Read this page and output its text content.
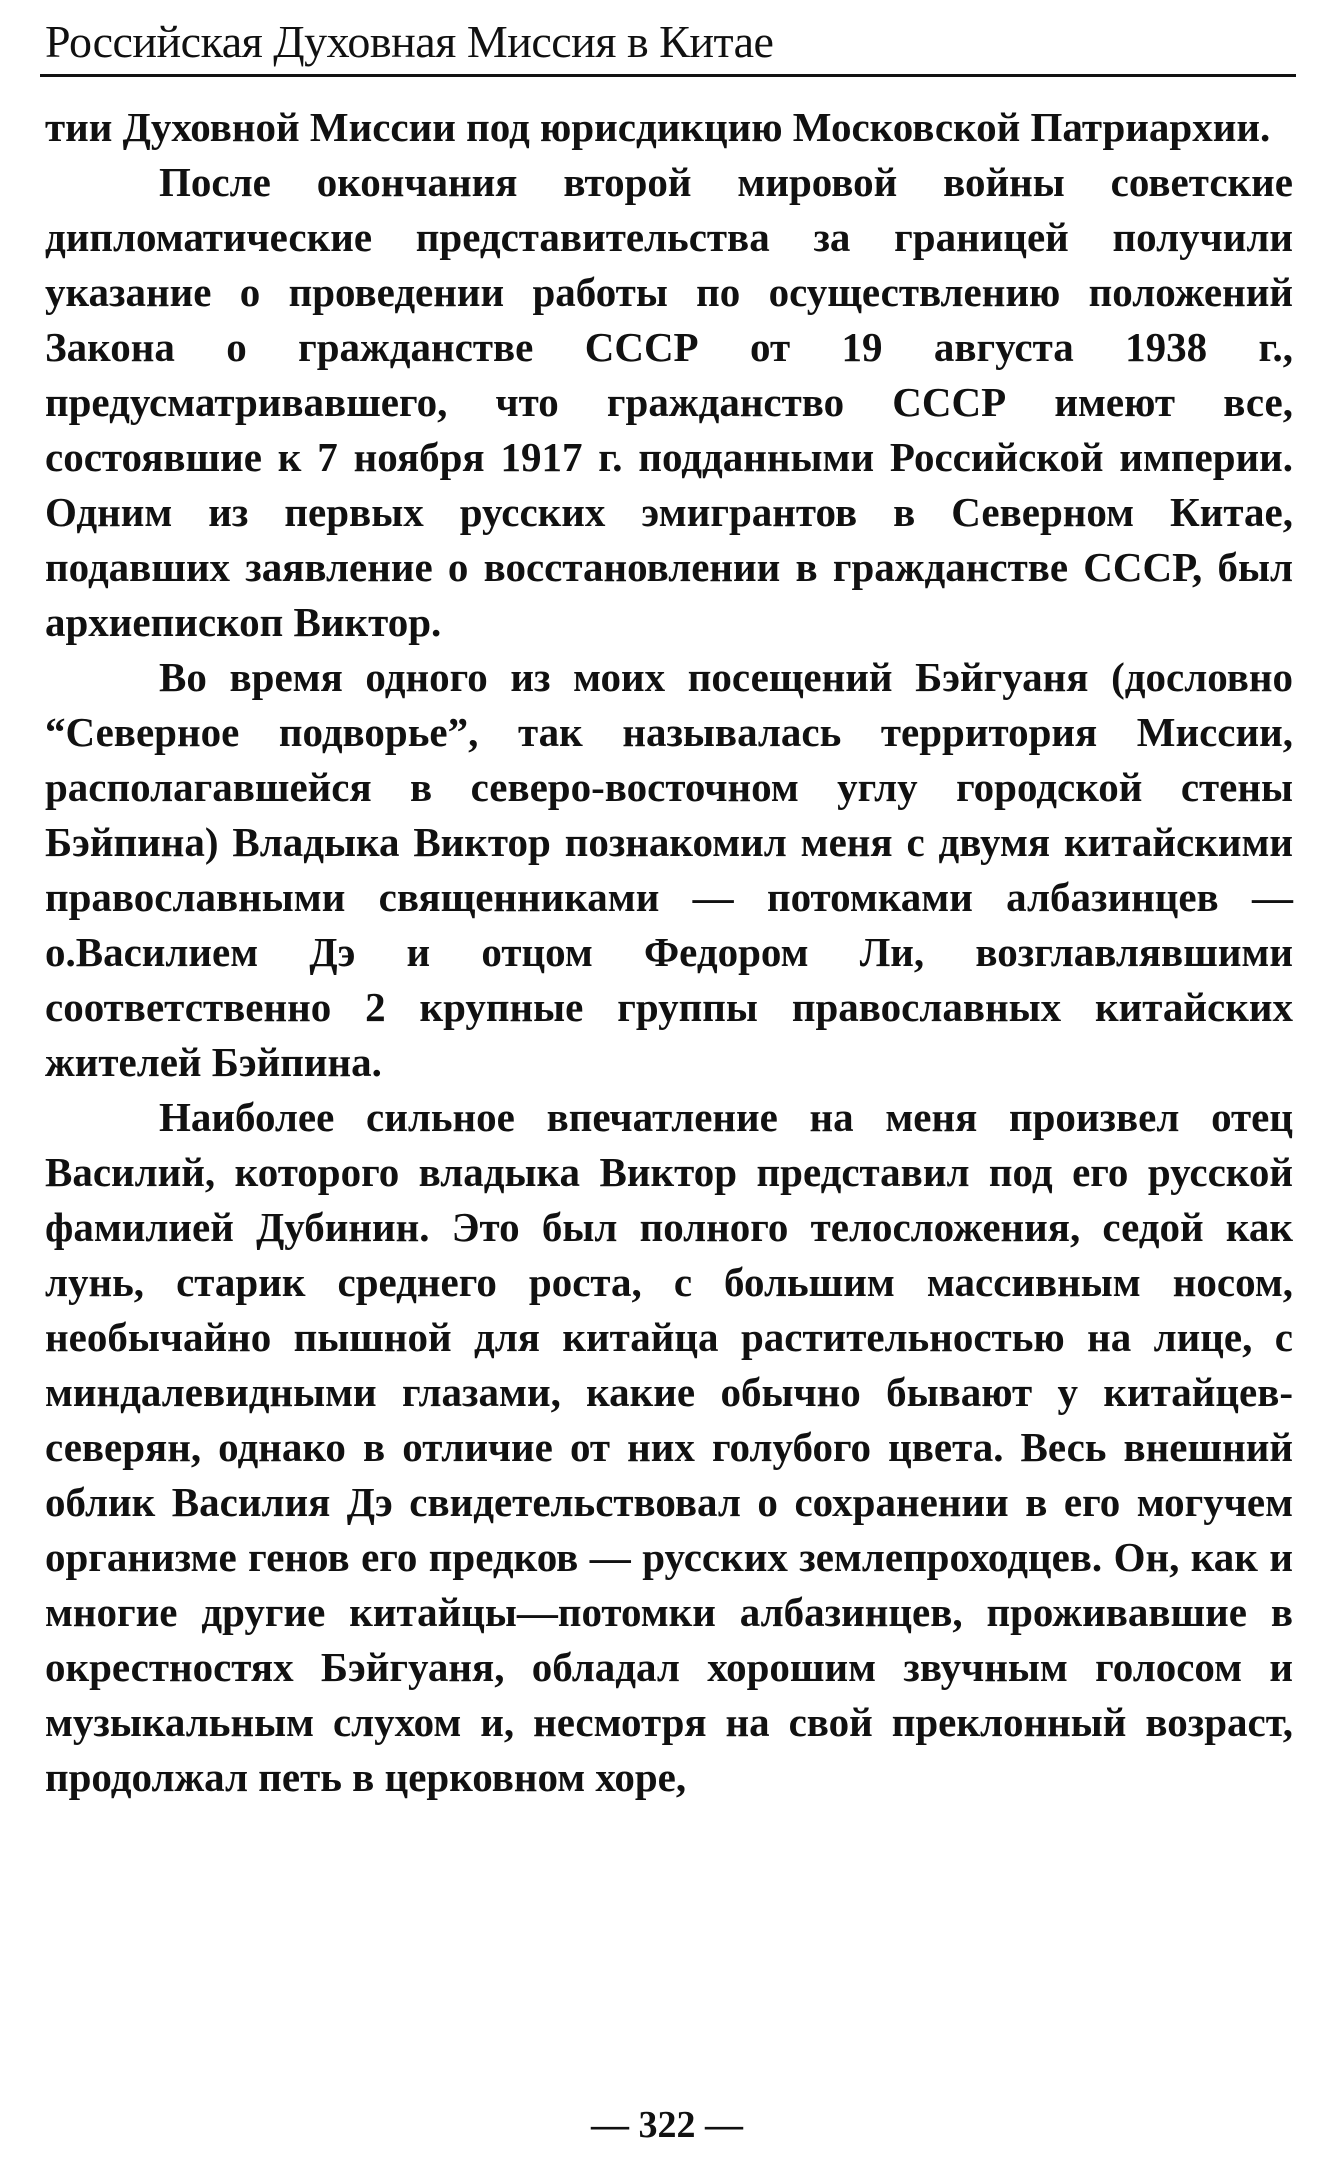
Российская Духовная Миссия в Китае

тии Духовной Миссии под юрисдикцию Московской Патриархии.

После окончания второй мировой войны советские дипломатические представительства за границей получили указание о проведении работы по осуществлению положений Закона о гражданстве СССР от 19 августа 1938 г., предусматривавшего, что гражданство СССР имеют все, состоявшие к 7 ноября 1917 г. подданными Российской империи. Одним из первых русских эмигрантов в Северном Китае, подавших заявление о восстановлении в гражданстве СССР, был архиепископ Виктор.

Во время одного из моих посещений Бэйгуаня (дословно “Северное подворье”, так называлась территория Миссии, располагавшейся в северо-восточном углу городской стены Бэйпина) Владыка Виктор познакомил меня с двумя китайскими православными священниками — потомками албазинцев — о.Василием Дэ и отцом Федором Ли, возглавлявшими соответственно 2 крупные группы православных китайских жителей Бэйпина.

Наиболее сильное впечатление на меня произвел отец Василий, которого владыка Виктор представил под его русской фамилией Дубинин. Это был полного телосложения, седой как лунь, старик среднего роста, с большим массивным носом, необычайно пышной для китайца растительностью на лице, с миндалевидными глазами, какие обычно бывают у китайцев-северян, однако в отличие от них голубого цвета. Весь внешний облик Василия Дэ свидетельствовал о сохранении в его могучем организме генов его предков — русских землепроходцев. Он, как и многие другие китайцы—потомки албазинцев, проживавшие в окрестностях Бэйгуаня, обладал хорошим звучным голосом и музыкальным слухом и, несмотря на свой преклонный возраст, продолжал петь в церковном хоре,

— 322 —
